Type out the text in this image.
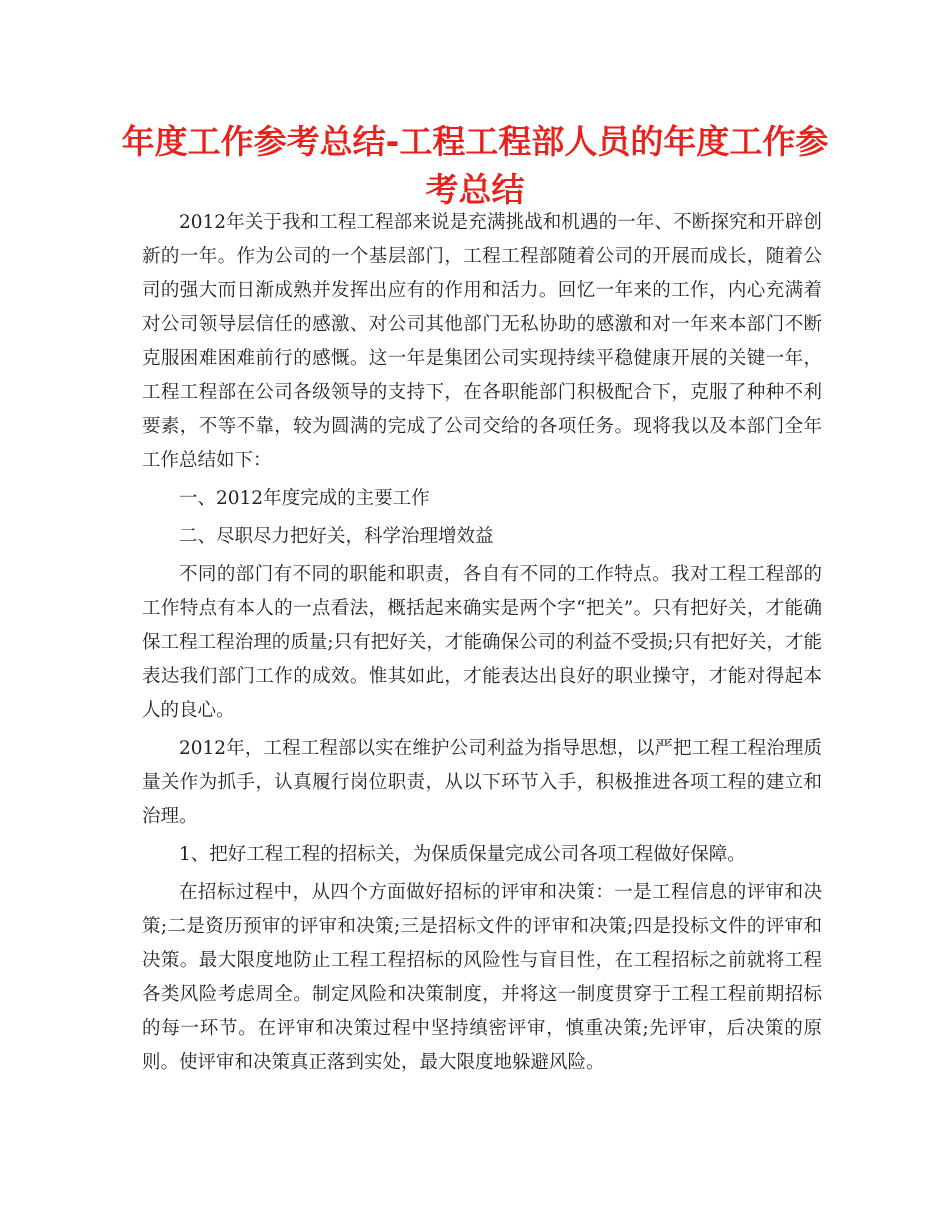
年度工作参考总结-工程工程部人员的年度工作参考总结

2012年关于我和工程工程部来说是充满挑战和机遇的一年、不断探究和开辟创新的一年。作为公司的一个基层部门，工程工程部随着公司的开展而成长，随着公司的强大而日渐成熟并发挥出应有的作用和活力。回忆一年来的工作，内心充满着对公司领导层信任的感激、对公司其他部门无私协助的感激和对一年来本部门不断克服困难困难前行的感慨。这一年是集团公司实现持续平稳健康开展的关键一年，工程工程部在公司各级领导的支持下，在各职能部门积极配合下，克服了种种不利要素，不等不靠，较为圆满的完成了公司交给的各项任务。现将我以及本部门全年工作总结如下：

一、2012年度完成的主要工作

二、尽职尽力把好关，科学治理增效益

不同的部门有不同的职能和职责，各自有不同的工作特点。我对工程工程部的工作特点有本人的一点看法，概括起来确实是两个字“把关”。只有把好关，才能确保工程工程治理的质量;只有把好关，才能确保公司的利益不受损;只有把好关，才能表达我们部门工作的成效。惟其如此，才能表达出良好的职业操守，才能对得起本人的良心。

2012年，工程工程部以实在维护公司利益为指导思想，以严把工程工程治理质量关作为抓手，认真履行岗位职责，从以下环节入手，积极推进各项工程的建立和治理。

1、把好工程工程的招标关，为保质保量完成公司各项工程做好保障。

在招标过程中，从四个方面做好招标的评审和决策：一是工程信息的评审和决策;二是资历预审的评审和决策;三是招标文件的评审和决策;四是投标文件的评审和决策。最大限度地防止工程工程招标的风险性与盲目性，在工程招标之前就将工程各类风险考虑周全。制定风险和决策制度，并将这一制度贯穿于工程工程前期招标的每一环节。在评审和决策过程中坚持缜密评审，慎重决策;先评审，后决策的原则。使评审和决策真正落到实处，最大限度地躲避风险。
